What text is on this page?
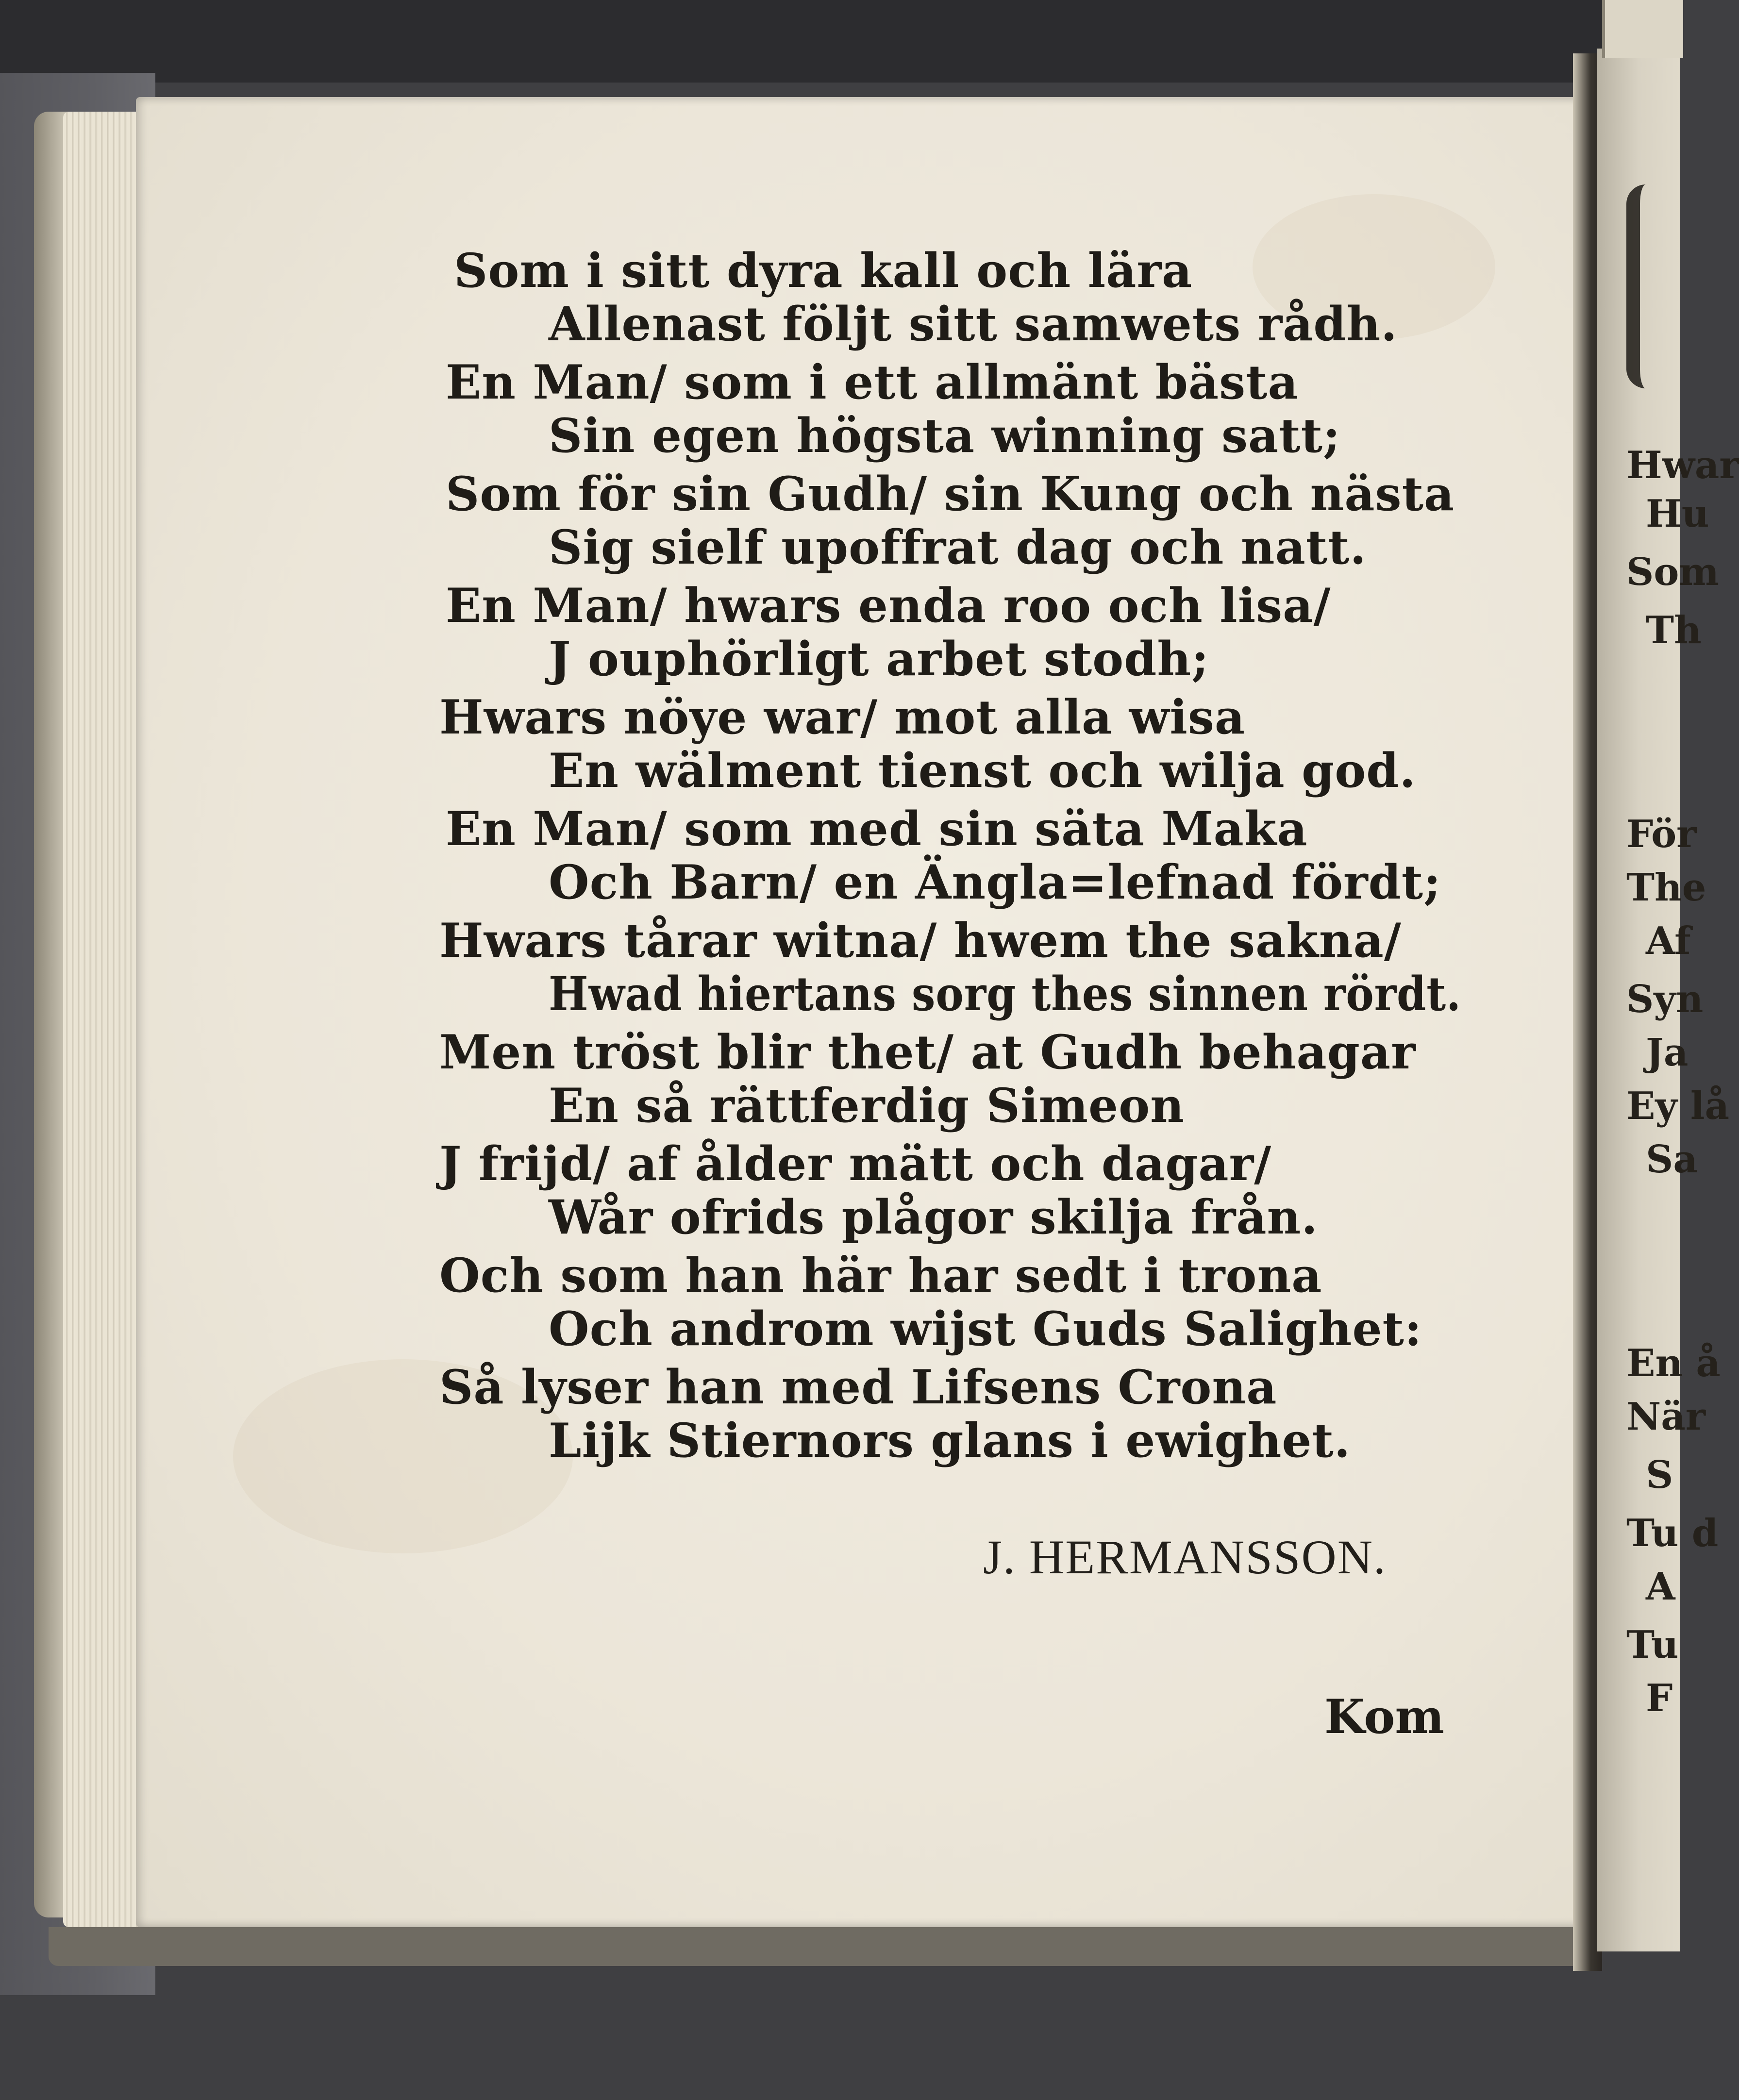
Hwar
Hu
Som
Th
För
The
Af
Syn
Ja
Ey lå
Sa
En å
När
S
Tu d
A
Tu
F
Som i sitt dyra kall och lära
Allenast följt sitt samwets rådh.
En Man/ som i ett allmänt bästa
Sin egen högsta winning satt;
Som för sin Gudh/ sin Kung och nästa
Sig sielf upoffrat dag och natt.
En Man/ hwars enda roo och lisa/
J ouphörligt arbet stodh;
Hwars nöye war/ mot alla wisa
En wälment tienst och wilja god.
En Man/ som med sin säta Maka
Och Barn/ en Ängla=lefnad fördt;
Hwars tårar witna/ hwem the sakna/
Hwad hiertans sorg thes sinnen rördt.
Men tröst blir thet/ at Gudh behagar
En så rättferdig Simeon
J frijd/ af ålder mätt och dagar/
Wår ofrids plågor skilja från.
Och som han här har sedt i trona
Och androm wijst Guds Salighet:
Så lyser han med Lifsens Crona
Lijk Stiernors glans i ewighet.
J. HERMANSSON.
Kom
